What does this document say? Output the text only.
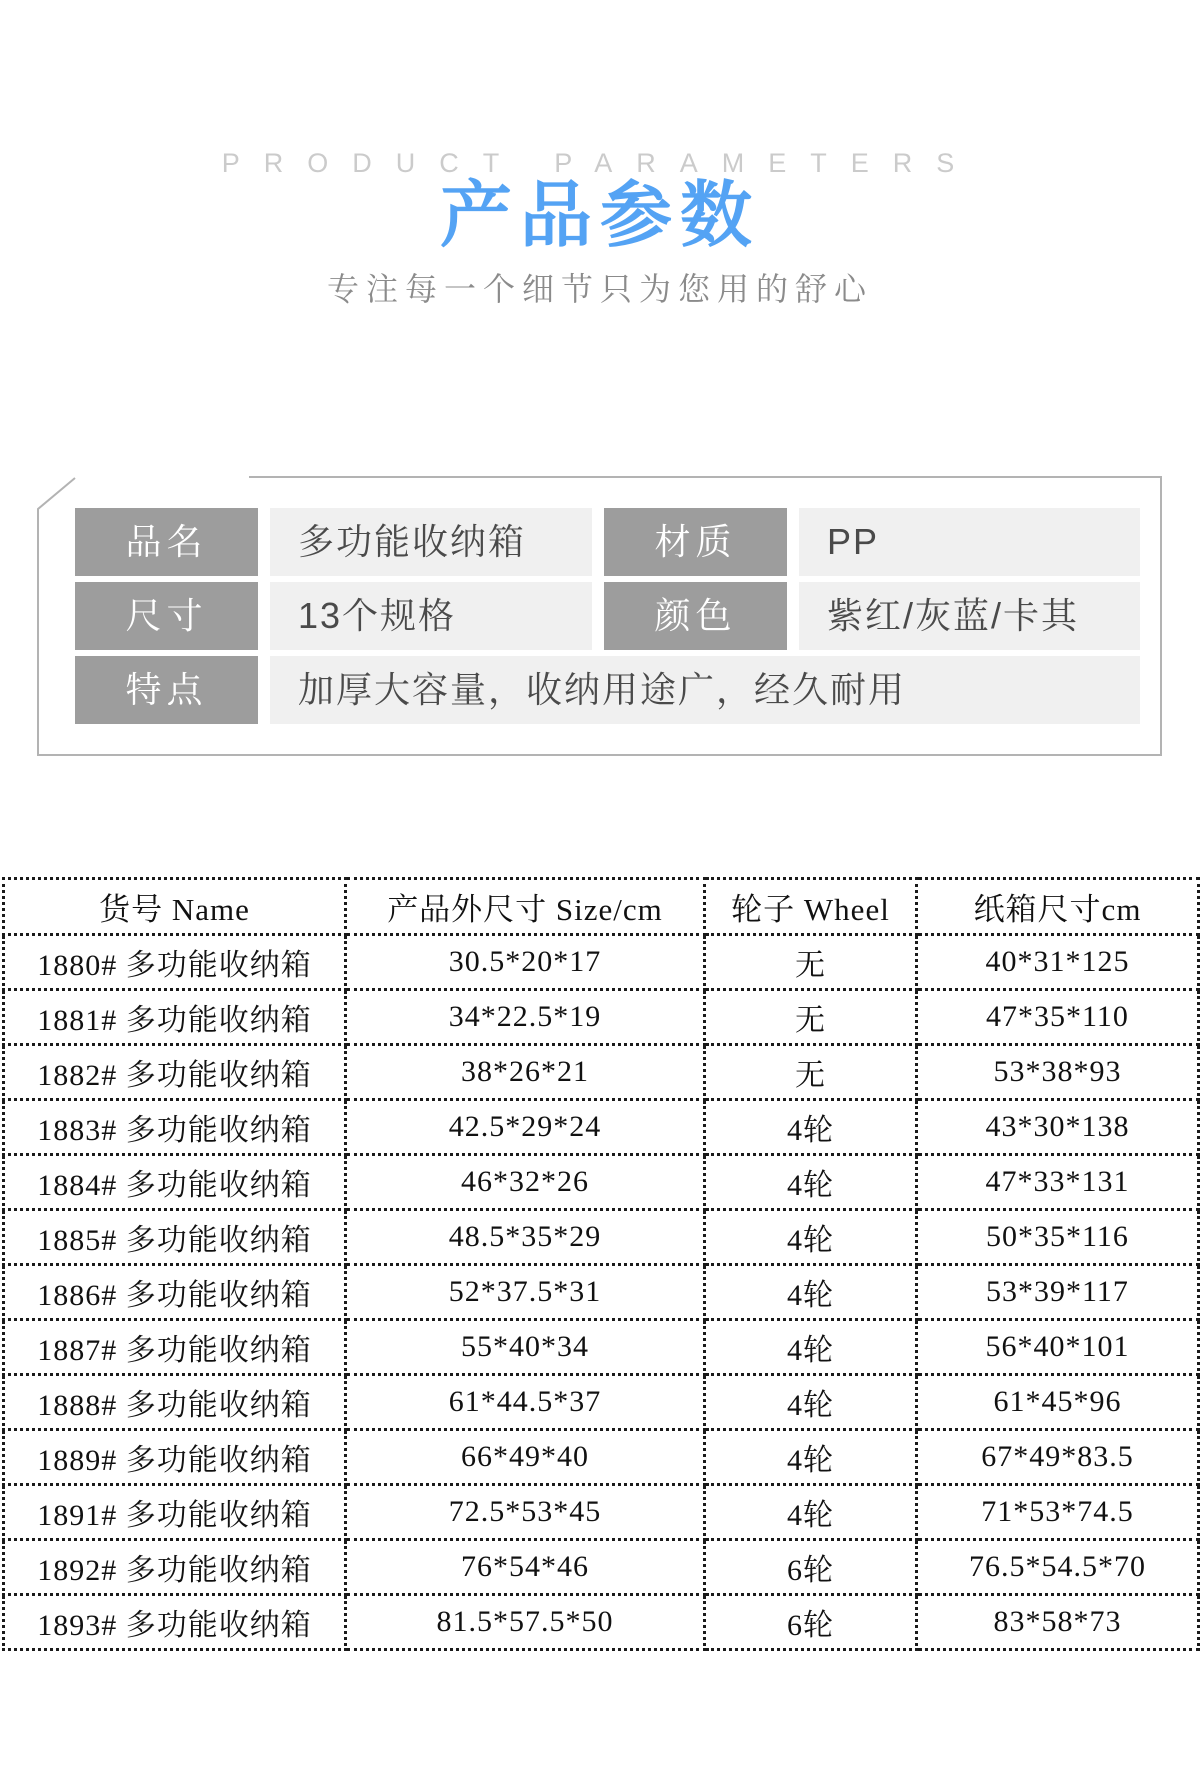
PRODUCT PARAMETERS
产品参数
专注每一个细节只为您用的舒心
品名	多功能收纳箱	材质	PP
尺寸	13个规格	颜色	紫红/灰蓝/卡其
特点	加厚大容量，收纳用途广，经久耐用
货号 Name	产品外尺寸 Size/cm	轮子 Wheel	纸箱尺寸cm
1880# 多功能收纳箱	30.5*20*17	无	40*31*125
1881# 多功能收纳箱	34*22.5*19	无	47*35*110
1882# 多功能收纳箱	38*26*21	无	53*38*93
1883# 多功能收纳箱	42.5*29*24	4轮	43*30*138
1884# 多功能收纳箱	46*32*26	4轮	47*33*131
1885# 多功能收纳箱	48.5*35*29	4轮	50*35*116
1886# 多功能收纳箱	52*37.5*31	4轮	53*39*117
1887# 多功能收纳箱	55*40*34	4轮	56*40*101
1888# 多功能收纳箱	61*44.5*37	4轮	61*45*96
1889# 多功能收纳箱	66*49*40	4轮	67*49*83.5
1891# 多功能收纳箱	72.5*53*45	4轮	71*53*74.5
1892# 多功能收纳箱	76*54*46	6轮	76.5*54.5*70
1893# 多功能收纳箱	81.5*57.5*50	6轮	83*58*73
